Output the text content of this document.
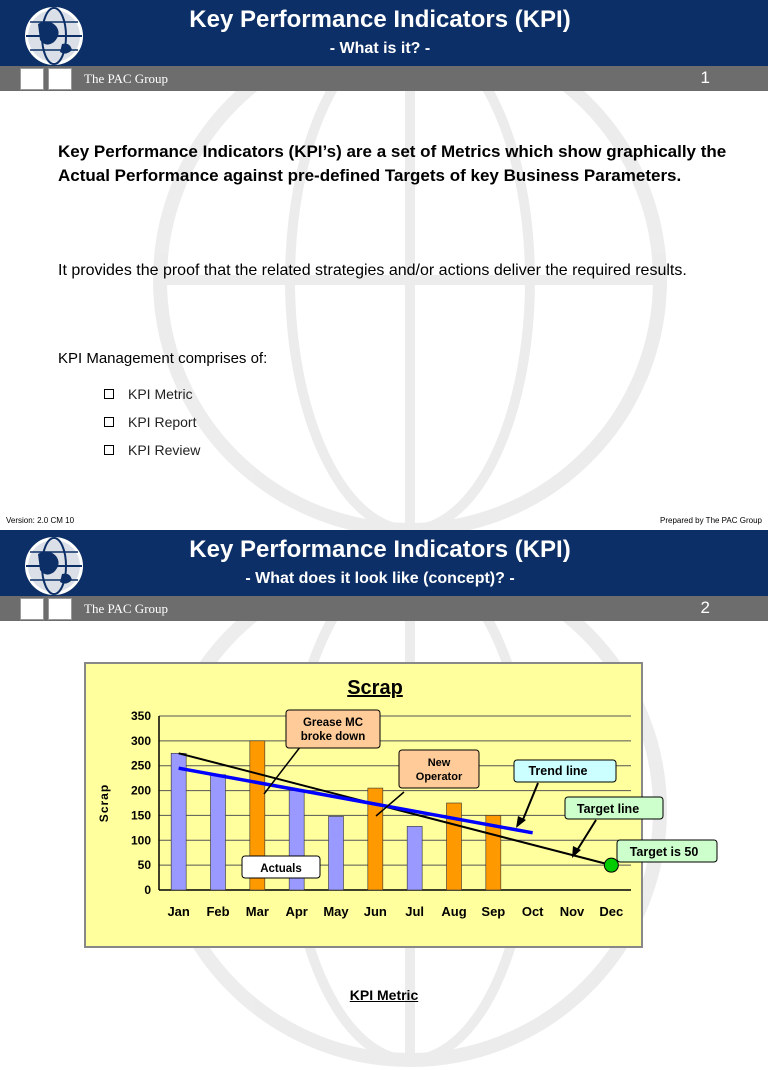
Key Performance Indicators (KPI)
- What is it? -
The PAC Group	1
Key Performance Indicators (KPI’s) are a set of Metrics which show graphically the Actual Performance against pre-defined Targets of key Business Parameters.
It provides the proof that the related strategies and/or actions deliver the required results.
KPI Management comprises of:
KPI Metric
KPI Report
KPI Review
Version: 2.0 CM 10	Prepared by The PAC Group
Key Performance Indicators (KPI)
- What does it look like (concept)? -
The PAC Group	2
0
50
100
150
200
250
300
350
Jan Feb Mar Apr May Jun Jul Aug Sep Oct Nov Dec
Scrap
Scrap
Grease MC
broke down
New
Operator
Actuals
Trend line
Target line
Target is 50
KPI Metric
